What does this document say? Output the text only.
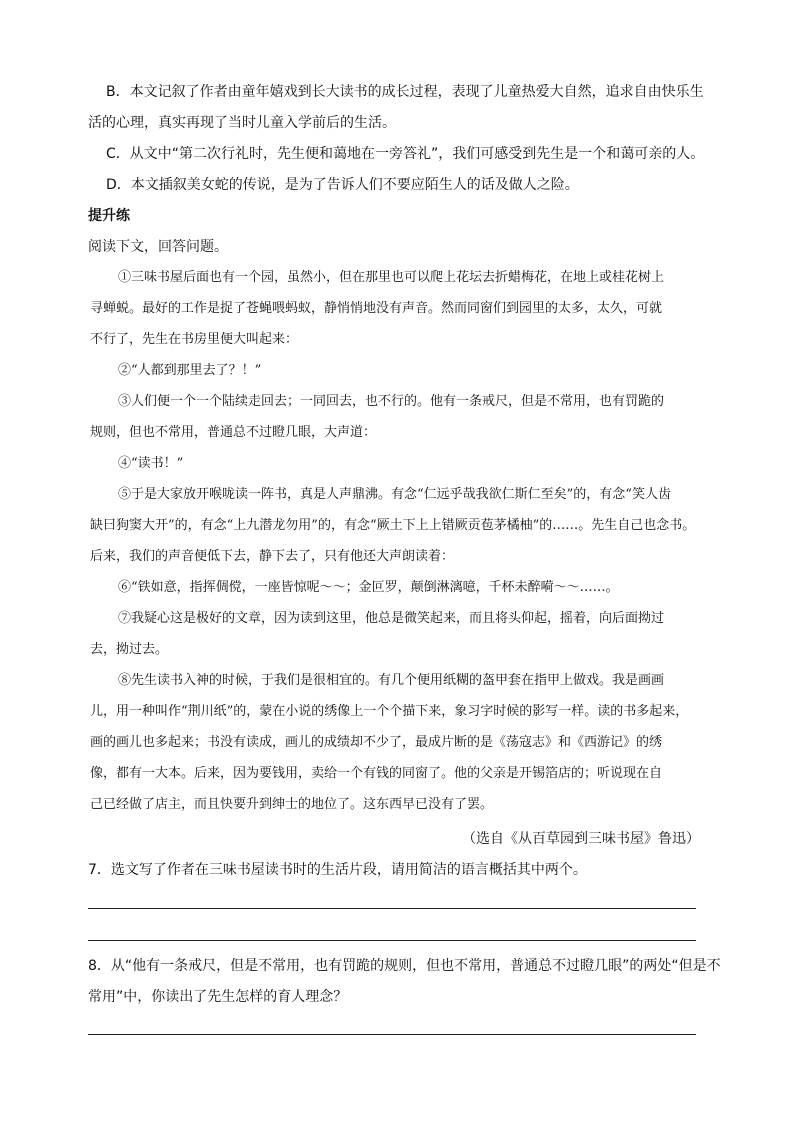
B．本文记叙了作者由童年嬉戏到长大读书的成长过程，表现了儿童热爱大自然，追求自由快乐生
活的心理，真实再现了当时儿童入学前后的生活。
C．从文中“第二次行礼时，先生便和蔼地在一旁答礼”，我们可感受到先生是一个和蔼可亲的人。
D．本文插叙美女蛇的传说，是为了告诉人们不要应陌生人的话及做人之险。
提升练
阅读下文，回答问题。
①三味书屋后面也有一个园，虽然小，但在那里也可以爬上花坛去折蜡梅花，在地上或桂花树上
寻蝉蜕。最好的工作是捉了苍蝇喂蚂蚁，静悄悄地没有声音。然而同窗们到园里的太多，太久，可就
不行了，先生在书房里便大叫起来：
②“人都到那里去了？！”
③人们便一个一个陆续走回去；一同回去，也不行的。他有一条戒尺，但是不常用，也有罚跪的
规则，但也不常用，普通总不过瞪几眼，大声道：
④“读书！”
⑤于是大家放开喉咙读一阵书，真是人声鼎沸。有念“仁远乎哉我欲仁斯仁至矣”的，有念“笑人齿
缺曰狗窦大开”的，有念“上九潜龙勿用”的，有念“厥土下上上错厥贡苞茅橘柚”的……。先生自己也念书。
后来，我们的声音便低下去，静下去了，只有他还大声朗读着：
⑥“铁如意，指挥倜傥，一座皆惊呢～～；金叵罗，颠倒淋漓噫，千杯未醉嗬～～……。
⑦我疑心这是极好的文章，因为读到这里，他总是微笑起来，而且将头仰起，摇着，向后面拗过
去，拗过去。
⑧先生读书入神的时候，于我们是很相宜的。有几个便用纸糊的盔甲套在指甲上做戏。我是画画
儿，用一种叫作“荆川纸”的，蒙在小说的绣像上一个个描下来，象习字时候的影写一样。读的书多起来，
画的画儿也多起来；书没有读成，画儿的成绩却不少了，最成片断的是《荡寇志》和《西游记》的绣
像，都有一大本。后来，因为要钱用，卖给一个有钱的同窗了。他的父亲是开锡箔店的；听说现在自
己已经做了店主，而且快要升到绅士的地位了。这东西早已没有了罢。
（选自《从百草园到三味书屋》鲁迅）
7．选文写了作者在三味书屋读书时的生活片段，请用简洁的语言概括其中两个。
8．从“他有一条戒尺，但是不常用，也有罚跪的规则，但也不常用，普通总不过瞪几眼”的两处“但是不
常用”中，你读出了先生怎样的育人理念？
